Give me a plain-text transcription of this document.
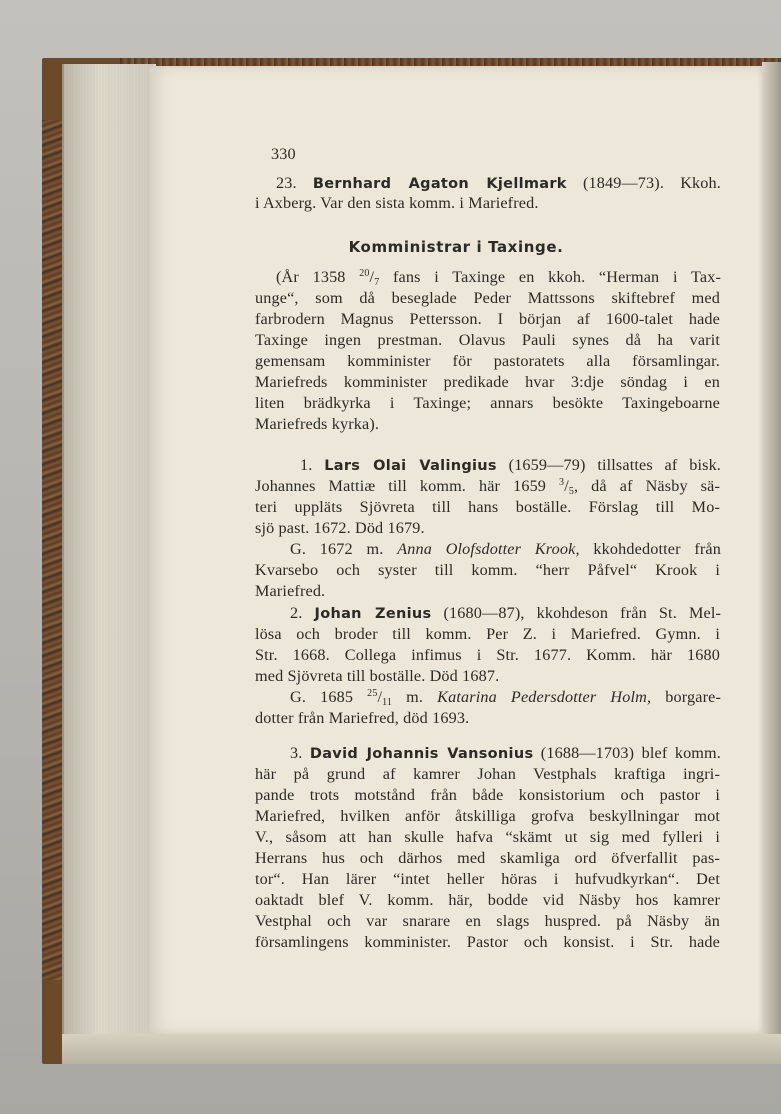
330
23. Bernhard Agaton Kjellmark (1849—73). Kkoh.
i Axberg. Var den sista komm. i Mariefred.
Komministrar i Taxinge.
(År 1358 $^{20}/_7$ fans i Taxinge en kkoh. “Herman i Tax-
unge“, som då beseglade Peder Mattssons skiftebref med
farbrodern Magnus Pettersson. I början af 1600-talet hade
Taxinge ingen prestman. Olavus Pauli synes då ha varit
gemensam komminister för pastoratets alla församlingar.
Mariefreds komminister predikade hvar 3:dje söndag i en
liten brädkyrka i Taxinge; annars besökte Taxingeboarne
Mariefreds kyrka).
1. Lars Olai Valingius (1659—79) tillsattes af bisk.
Johannes Mattiæ till komm. här 1659 $^3/_5$, då af Näsby sä-
teri uppläts Sjövreta till hans boställe. Förslag till Mo-
sjö past. 1672. Död 1679.
G. 1672 m. Anna Olofsdotter Krook, kkohdedotter från
Kvarsebo och syster till komm. “herr Påfvel“ Krook i
Mariefred.
2. Johan Zenius (1680—87), kkohdeson från St. Mel-
lösa och broder till komm. Per Z. i Mariefred. Gymn. i
Str. 1668. Collega infimus i Str. 1677. Komm. här 1680
med Sjövreta till boställe. Död 1687.
G. 1685 $^{25}/_{11}$ m. Katarina Pedersdotter Holm, borgare-
dotter från Mariefred, död 1693.
3. David Johannis Vansonius (1688—1703) blef komm.
här på grund af kamrer Johan Vestphals kraftiga ingri-
pande trots motstånd från både konsistorium och pastor i
Mariefred, hvilken anför åtskilliga grofva beskyllningar mot
V., såsom att han skulle hafva “skämt ut sig med fylleri i
Herrans hus och därhos med skamliga ord öfverfallit pas-
tor“. Han lärer “intet heller höras i hufvudkyrkan“. Det
oaktadt blef V. komm. här, bodde vid Näsby hos kamrer
Vestphal och var snarare en slags huspred. på Näsby än
församlingens komminister. Pastor och konsist. i Str. hade
